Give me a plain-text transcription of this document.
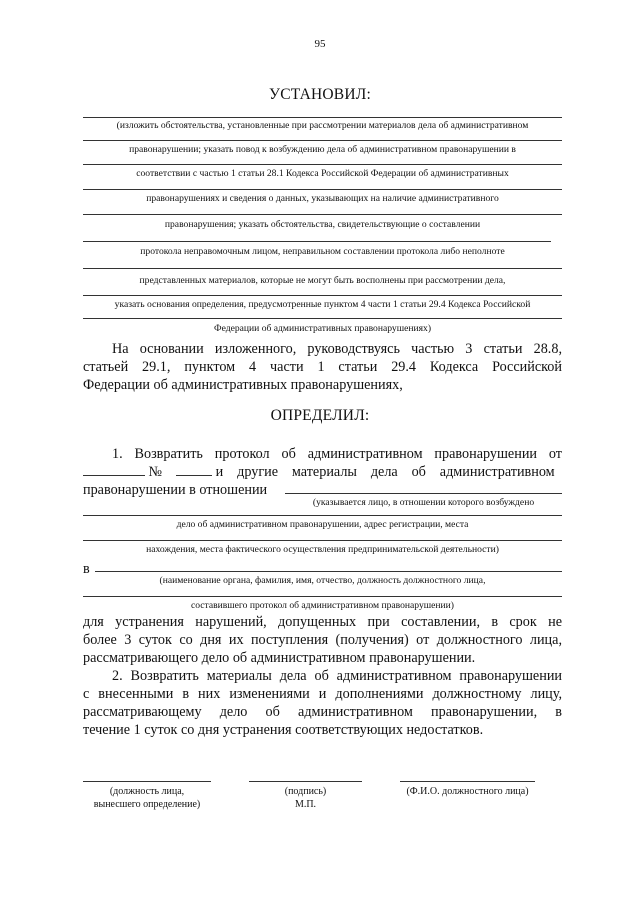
95
УСТАНОВИЛ:
(изложить обстоятельства, установленные при рассмотрении материалов дела об административном
правонарушении; указать повод к возбуждению дела об административном правонарушении в
соответствии с частью 1 статьи 28.1 Кодекса Российской Федерации об административных
правонарушениях и сведения о данных, указывающих на наличие административного
правонарушения; указать обстоятельства, свидетельствующие о составлении
протокола неправомочным лицом, неправильном составлении протокола либо неполноте
представленных материалов, которые не могут быть восполнены при рассмотрении дела,
указать основания определения, предусмотренные пунктом 4 части 1 статьи 29.4 Кодекса Российской
Федерации об административных правонарушениях)
На основании изложенного, руководствуясь частью 3 статьи 28.8,
статьей 29.1, пунктом 4 части 1 статьи 29.4 Кодекса Российской
Федерации об административных правонарушениях,
ОПРЕДЕЛИЛ:
1. Возвратить протокол об административном правонарушении от
№	и другие материалы дела об административном
правонарушении в отношении
(указывается лицо, в отношении которого возбуждено
дело об административном правонарушении, адрес регистрации, места
нахождения, места фактического осуществления предпринимательской деятельности)
в
(наименование органа, фамилия, имя, отчество, должность должностного лица,
составившего протокол об административном правонарушении)
для устранения нарушений, допущенных при составлении, в срок не
более 3 суток со дня их поступления (получения) от должностного лица,
рассматривающего дело об административном правонарушении.
2. Возвратить материалы дела об административном правонарушении
с внесенными в них изменениями и дополнениями должностному лицу,
рассматривающему дело об административном правонарушении, в
течение 1 суток со дня устранения соответствующих недостатков.
(должность лица,
вынесшего определение)
(подпись)
М.П.
(Ф.И.О. должностного лица)
